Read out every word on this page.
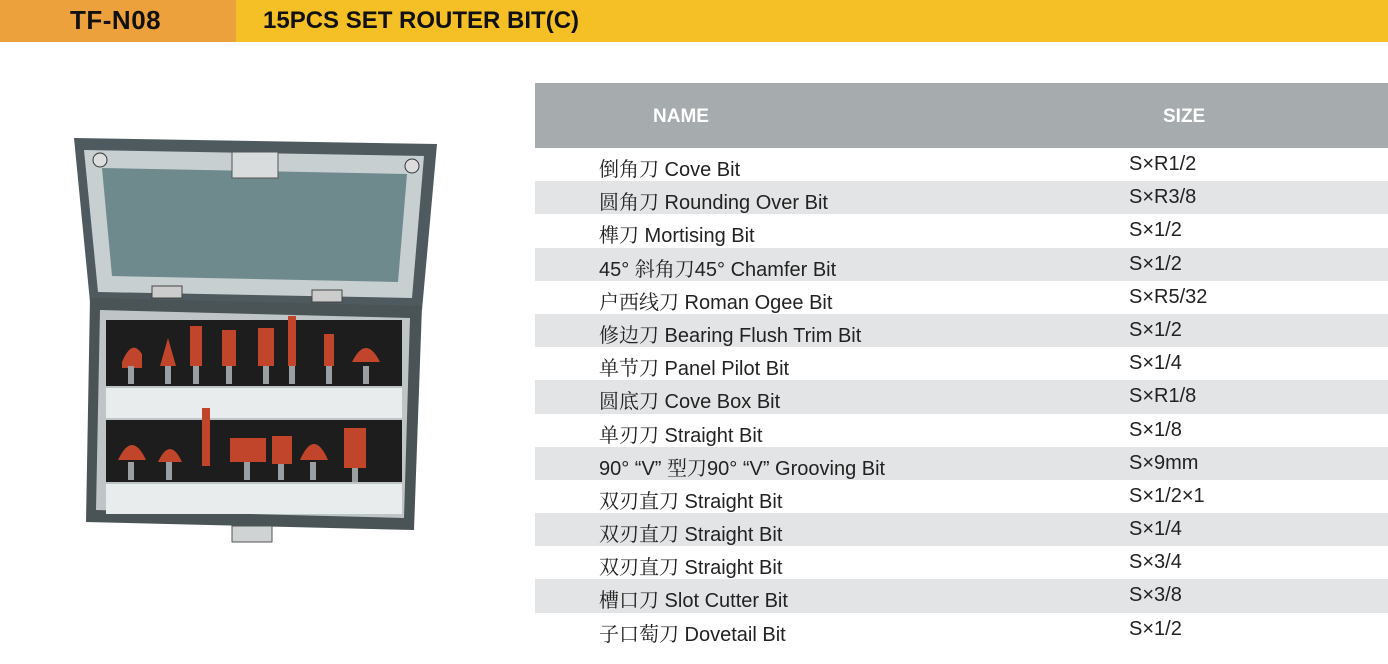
TF-N08	15PCS SET ROUTER BIT(C)
NAME	SIZE
倒角刀 Cove Bit	S×R1/2
圆角刀 Rounding Over Bit	S×R3/8
榫刀 Mortising Bit	S×1/2
45° 斜角刀45° Chamfer Bit	S×1/2
户西线刀 Roman Ogee Bit	S×R5/32
修边刀 Bearing Flush Trim Bit	S×1/2
单节刀 Panel Pilot Bit	S×1/4
圆底刀 Cove Box Bit	S×R1/8
单刃刀 Straight Bit	S×1/8
90° “V” 型刀90° “V” Grooving Bit	S×9mm
双刃直刀 Straight Bit	S×1/2×1
双刃直刀 Straight Bit	S×1/4
双刃直刀 Straight Bit	S×3/4
槽口刀 Slot Cutter Bit	S×3/8
子口萄刀 Dovetail Bit	S×1/2
